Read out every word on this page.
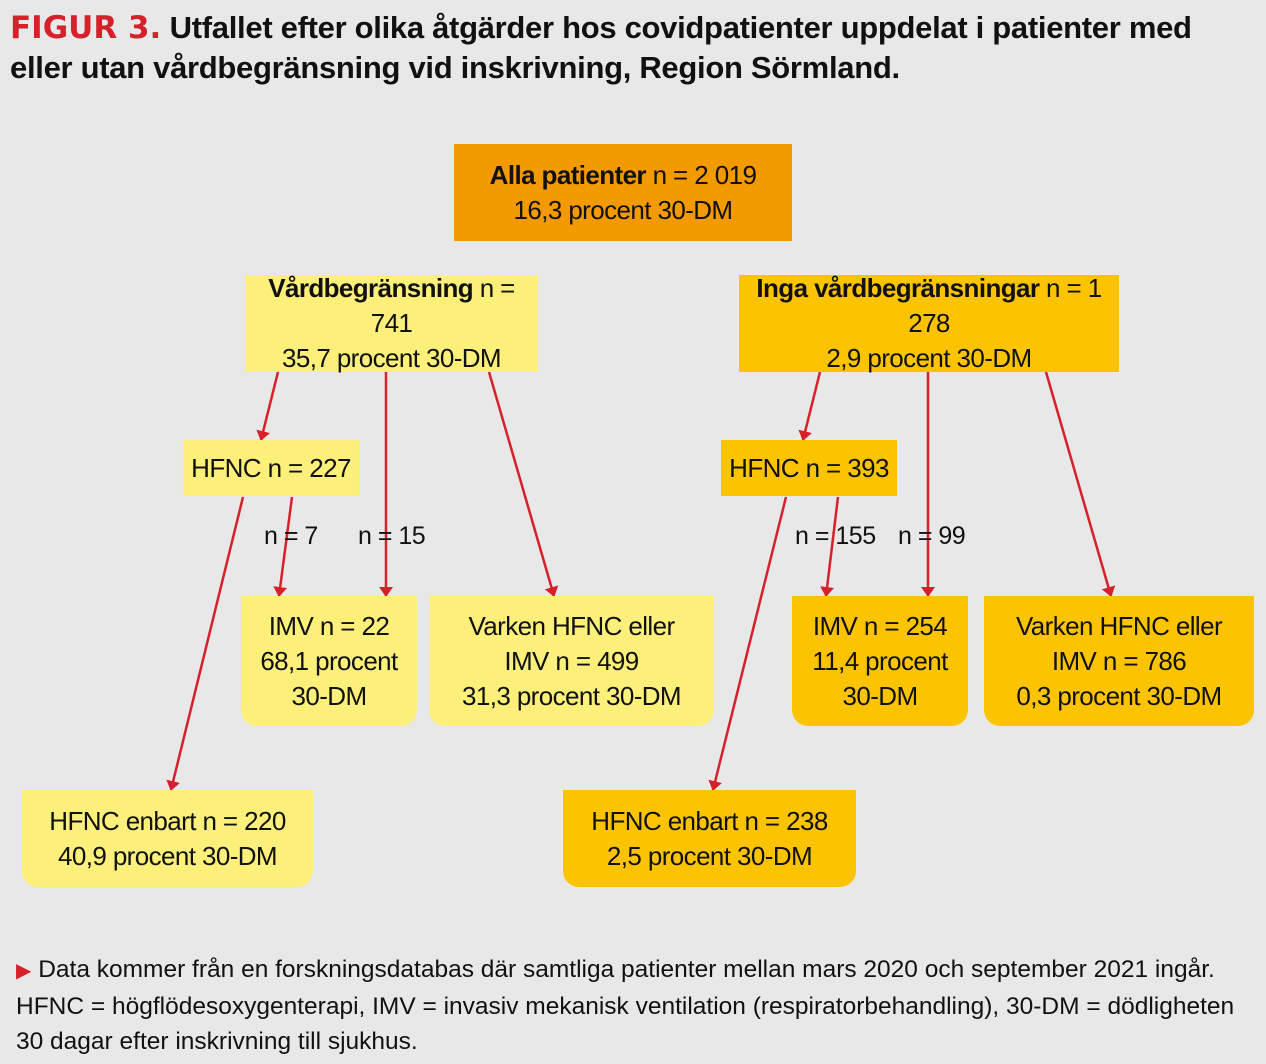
FIGUR 3. Utfallet efter olika åtgärder hos covidpatienter uppdelat i patienter med eller utan vårdbegränsning vid inskrivning, Region Sörmland.
Alla patienter n = 2 019
16,3 procent 30-DM
Vårdbegränsning n = 741
35,7 procent 30-DM
Inga vårdbegränsningar n = 1 278
2,9 procent 30-DM
HFNC n = 227	HFNC n = 393
n = 7 n = 15	n = 155 n = 99
IMV n = 22
68,1 procent
30-DM
Varken HFNC eller
IMV n = 499
31,3 procent 30-DM
IMV n = 254
11,4 procent
30-DM
Varken HFNC eller
IMV n = 786
0,3 procent 30-DM
HFNC enbart n = 220
40,9 procent 30-DM
HFNC enbart n = 238
2,5 procent 30-DM
▶ Data kommer från en forskningsdatabas där samtliga patienter mellan mars 2020 och september 2021 ingår. HFNC = högflödesoxygenterapi, IMV = invasiv mekanisk ventilation (respiratorbehandling), 30-DM = dödligheten 30 dagar efter inskrivning till sjukhus.
